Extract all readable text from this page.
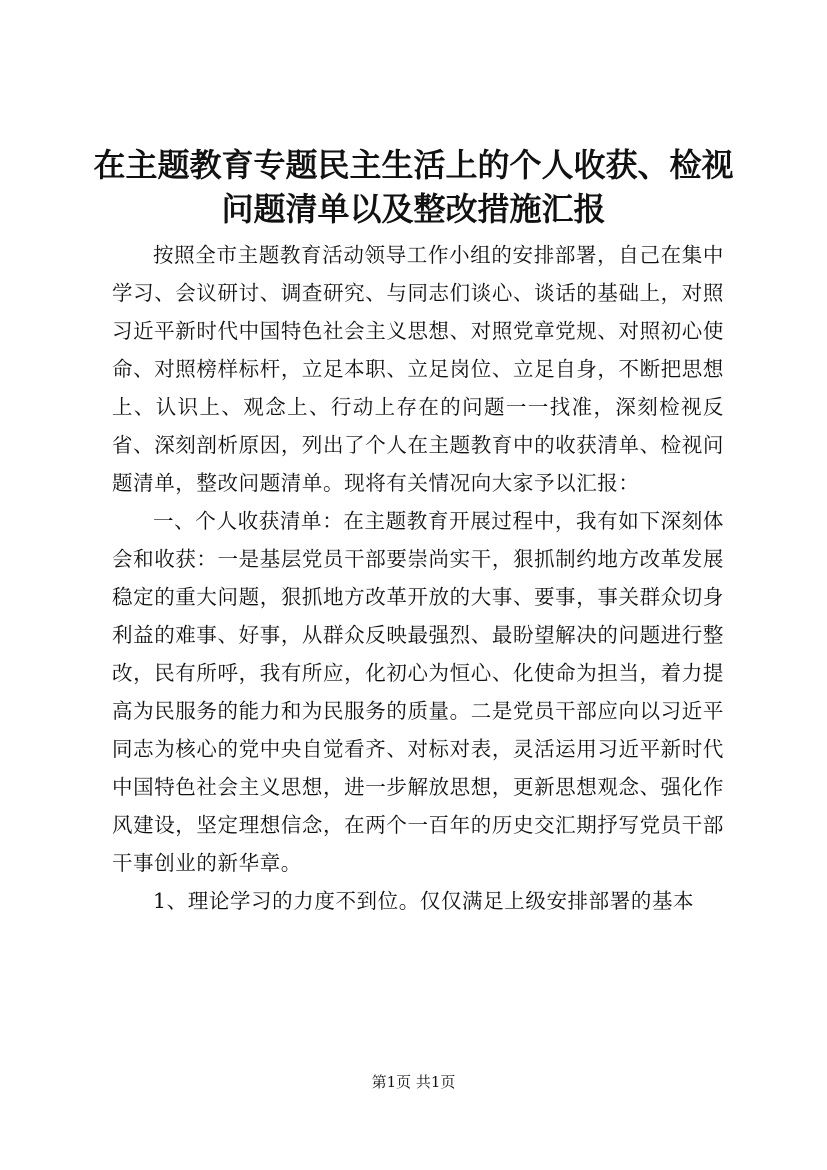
在主题教育专题民主生活上的个人收获、检视问题清单以及整改措施汇报

按照全市主题教育活动领导工作小组的安排部署，自己在集中学习、会议研讨、调查研究、与同志们谈心、谈话的基础上，对照习近平新时代中国特色社会主义思想、对照党章党规、对照初心使命、对照榜样标杆，立足本职、立足岗位、立足自身，不断把思想上、认识上、观念上、行动上存在的问题一一找准，深刻检视反省、深刻剖析原因，列出了个人在主题教育中的收获清单、检视问题清单，整改问题清单。现将有关情况向大家予以汇报：

一、个人收获清单：在主题教育开展过程中，我有如下深刻体会和收获：一是基层党员干部要崇尚实干，狠抓制约地方改革发展稳定的重大问题，狠抓地方改革开放的大事、要事，事关群众切身利益的难事、好事，从群众反映最强烈、最盼望解决的问题进行整改，民有所呼，我有所应，化初心为恒心、化使命为担当，着力提高为民服务的能力和为民服务的质量。二是党员干部应向以习近平同志为核心的党中央自觉看齐、对标对表，灵活运用习近平新时代中国特色社会主义思想，进一步解放思想，更新思想观念、强化作风建设，坚定理想信念，在两个一百年的历史交汇期抒写党员干部干事创业的新华章。

1、理论学习的力度不到位。仅仅满足上级安排部署的基本

第1页 共1页
